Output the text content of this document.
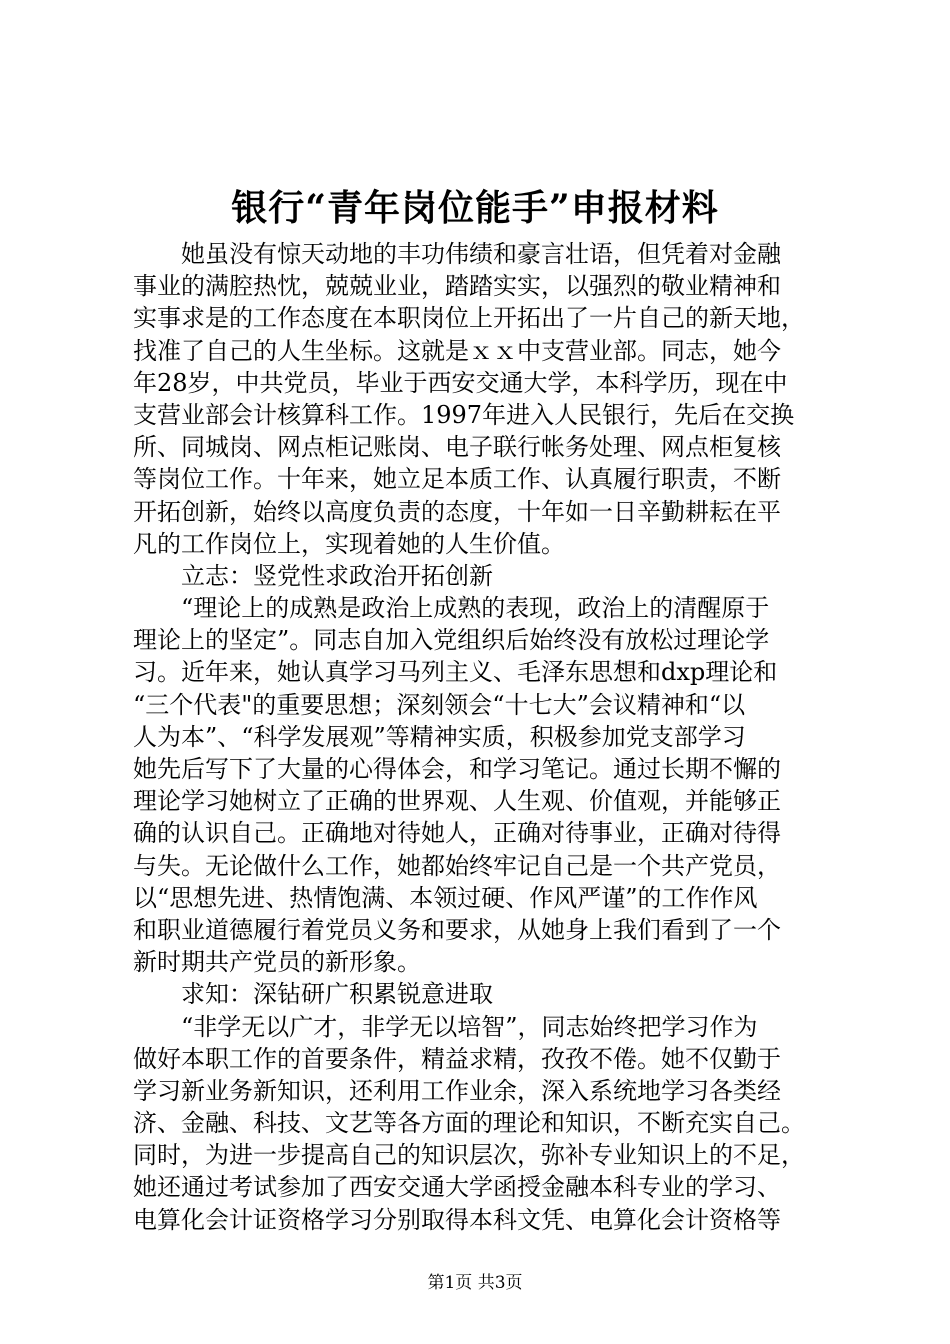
银行“青年岗位能手”申报材料
　　她虽没有惊天动地的丰功伟绩和豪言壮语，但凭着对金融
事业的满腔热忱，兢兢业业，踏踏实实，以强烈的敬业精神和
实事求是的工作态度在本职岗位上开拓出了一片自己的新天地，
找准了自己的人生坐标。这就是ｘｘ中支营业部。同志，她今
年28岁，中共党员，毕业于西安交通大学，本科学历，现在中
支营业部会计核算科工作。1997年进入人民银行，先后在交换
所、同城岗、网点柜记账岗、电子联行帐务处理、网点柜复核
等岗位工作。十年来，她立足本质工作、认真履行职责，不断
开拓创新，始终以高度负责的态度，十年如一日辛勤耕耘在平
凡的工作岗位上，实现着她的人生价值。
　　立志：竖党性求政治开拓创新
　　“理论上的成熟是政治上成熟的表现，政治上的清醒原于
理论上的坚定”。同志自加入党组织后始终没有放松过理论学
习。近年来，她认真学习马列主义、毛泽东思想和dxp理论和
“三个代表"的重要思想；深刻领会“十七大”会议精神和“以
人为本”、“科学发展观”等精神实质，积极参加党支部学习
她先后写下了大量的心得体会，和学习笔记。通过长期不懈的
理论学习她树立了正确的世界观、人生观、价值观，并能够正
确的认识自己。正确地对待她人，正确对待事业，正确对待得
与失。无论做什么工作，她都始终牢记自己是一个共产党员，
以“思想先进、热情饱满、本领过硬、作风严谨”的工作作风
和职业道德履行着党员义务和要求，从她身上我们看到了一个
新时期共产党员的新形象。
　　求知：深钻研广积累锐意进取
　　“非学无以广才，非学无以培智”，同志始终把学习作为
做好本职工作的首要条件，精益求精，孜孜不倦。她不仅勤于
学习新业务新知识，还利用工作业余，深入系统地学习各类经
济、金融、科技、文艺等各方面的理论和知识，不断充实自己。
同时，为进一步提高自己的知识层次，弥补专业知识上的不足，
她还通过考试参加了西安交通大学函授金融本科专业的学习、
电算化会计证资格学习分别取得本科文凭、电算化会计资格等
第1页 共3页
